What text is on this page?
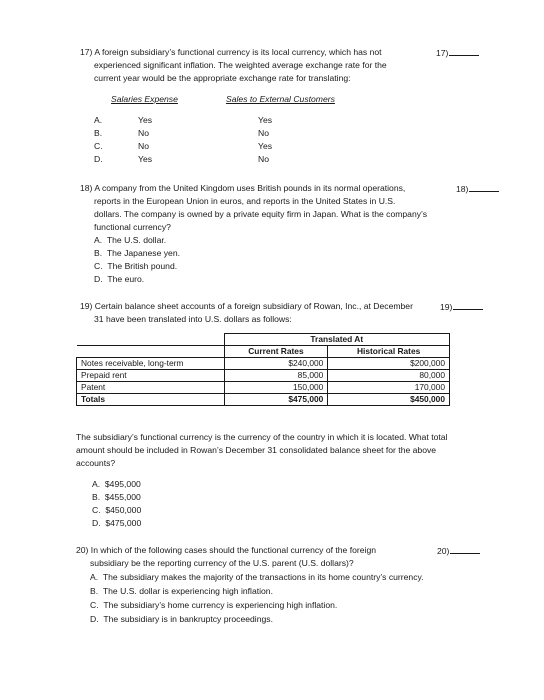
17) A foreign subsidiary’s functional currency is its local currency, which has not
experienced significant inflation. The weighted average exchange rate for the
current year would be the appropriate exchange rate for translating:
17)
Salaries Expense	Sales to External Customers
A.	Yes	Yes
B.	No	No
C.	No	Yes
D.	Yes	No
18) A company from the United Kingdom uses British pounds in its normal operations,
reports in the European Union in euros, and reports in the United States in U.S.
dollars. The company is owned by a private equity firm in Japan. What is the company’s
functional currency?
18)
A. The U.S. dollar.
B. The Japanese yen.
C. The British pound.
D. The euro.
19) Certain balance sheet accounts of a foreign subsidiary of Rowan, Inc., at December
31 have been translated into U.S. dollars as follows:
19)
	Translated At	
	Current Rates	Historical Rates
Notes receivable, long-term	$240,000	$200,000
Prepaid rent	85,000	80,000
Patent	150,000	170,000
Totals	$475,000	$450,000
The subsidiary’s functional currency is the currency of the country in which it is located. What total
amount should be included in Rowan’s December 31 consolidated balance sheet for the above
accounts?
A. $495,000
B. $455,000
C. $450,000
D. $475,000
20) In which of the following cases should the functional currency of the foreign
subsidiary be the reporting currency of the U.S. parent (U.S. dollars)?
20)
A. The subsidiary makes the majority of the transactions in its home country’s currency.
B. The U.S. dollar is experiencing high inflation.
C. The subsidiary’s home currency is experiencing high inflation.
D. The subsidiary is in bankruptcy proceedings.
